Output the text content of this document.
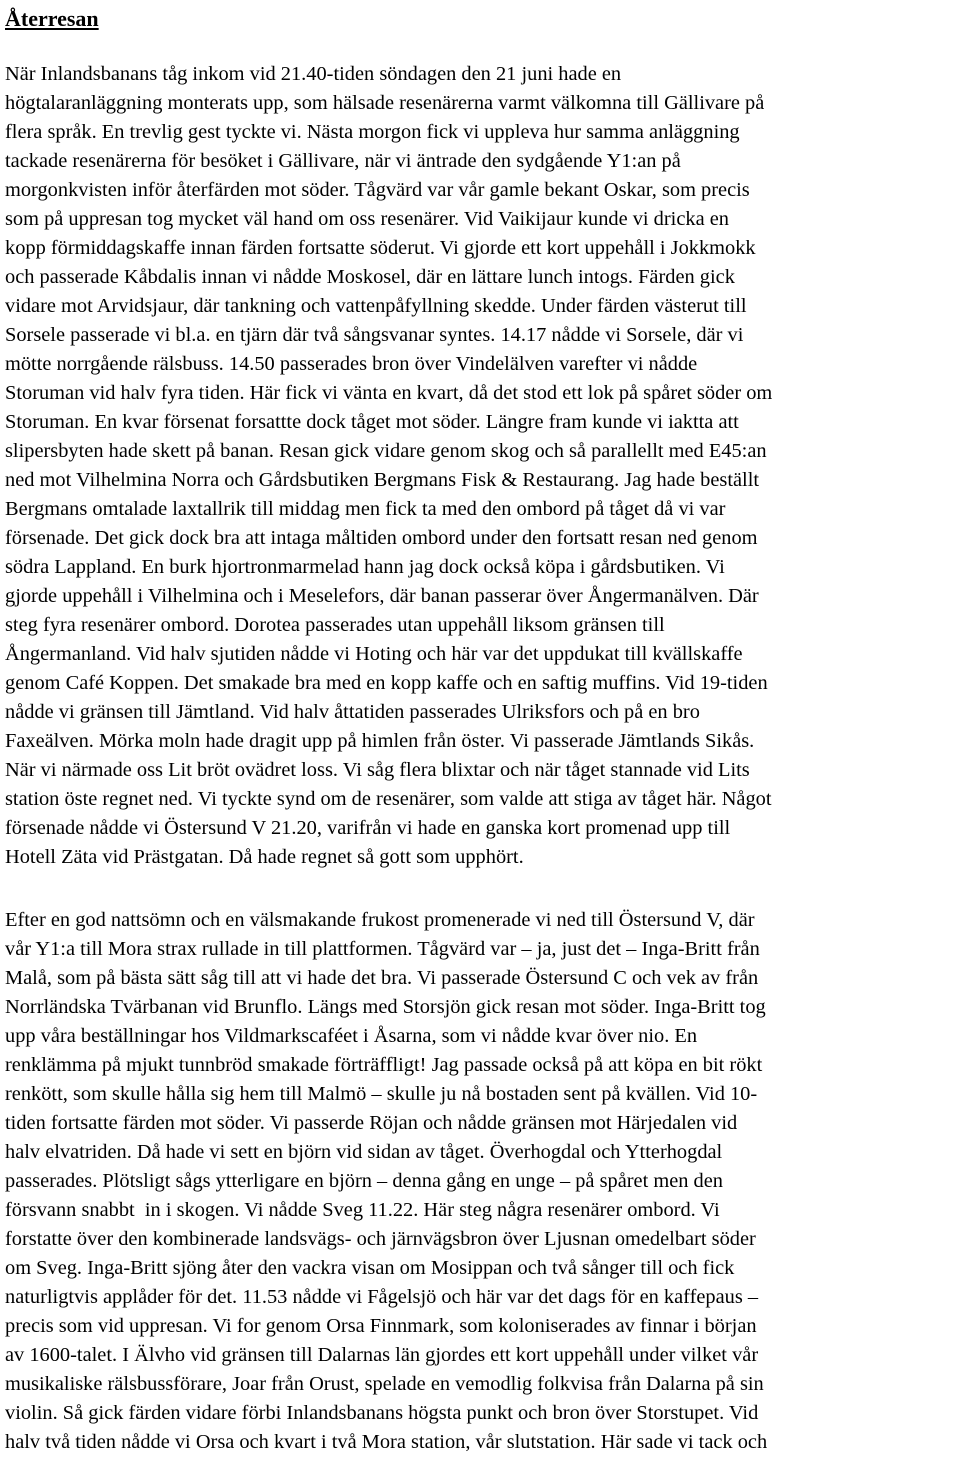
Återresan
När Inlandsbanans tåg inkom vid 21.40-tiden söndagen den 21 juni hade en
högtalaranläggning monterats upp, som hälsade resenärerna varmt välkomna till Gällivare på
flera språk. En trevlig gest tyckte vi. Nästa morgon fick vi uppleva hur samma anläggning
tackade resenärerna för besöket i Gällivare, när vi äntrade den sydgående Y1:an på
morgonkvisten inför återfärden mot söder. Tågvärd var vår gamle bekant Oskar, som precis
som på uppresan tog mycket väl hand om oss resenärer. Vid Vaikijaur kunde vi dricka en
kopp förmiddagskaffe innan färden fortsatte söderut. Vi gjorde ett kort uppehåll i Jokkmokk
och passerade Kåbdalis innan vi nådde Moskosel, där en lättare lunch intogs. Färden gick
vidare mot Arvidsjaur, där tankning och vattenpåfyllning skedde. Under färden västerut till
Sorsele passerade vi bl.a. en tjärn där två sångsvanar syntes. 14.17 nådde vi Sorsele, där vi
mötte norrgående rälsbuss. 14.50 passerades bron över Vindelälven varefter vi nådde
Storuman vid halv fyra tiden. Här fick vi vänta en kvart, då det stod ett lok på spåret söder om
Storuman. En kvar försenat forsattte dock tåget mot söder. Längre fram kunde vi iaktta att
slipersbyten hade skett på banan. Resan gick vidare genom skog och så parallellt med E45:an
ned mot Vilhelmina Norra och Gårdsbutiken Bergmans Fisk & Restaurang. Jag hade beställt
Bergmans omtalade laxtallrik till middag men fick ta med den ombord på tåget då vi var
försenade. Det gick dock bra att intaga måltiden ombord under den fortsatt resan ned genom
södra Lappland. En burk hjortronmarmelad hann jag dock också köpa i gårdsbutiken. Vi
gjorde uppehåll i Vilhelmina och i Meselefors, där banan passerar över Ångermanälven. Där
steg fyra resenärer ombord. Dorotea passerades utan uppehåll liksom gränsen till
Ångermanland. Vid halv sjutiden nådde vi Hoting och här var det uppdukat till kvällskaffe
genom Café Koppen. Det smakade bra med en kopp kaffe och en saftig muffins. Vid 19-tiden
nådde vi gränsen till Jämtland. Vid halv åttatiden passerades Ulriksfors och på en bro
Faxeälven. Mörka moln hade dragit upp på himlen från öster. Vi passerade Jämtlands Sikås.
När vi närmade oss Lit bröt ovädret loss. Vi såg flera blixtar och när tåget stannade vid Lits
station öste regnet ned. Vi tyckte synd om de resenärer, som valde att stiga av tåget här. Något
försenade nådde vi Östersund V 21.20, varifrån vi hade en ganska kort promenad upp till
Hotell Zäta vid Prästgatan. Då hade regnet så gott som upphört.
Efter en god nattsömn och en välsmakande frukost promenerade vi ned till Östersund V, där
vår Y1:a till Mora strax rullade in till plattformen. Tågvärd var – ja, just det – Inga-Britt från
Malå, som på bästa sätt såg till att vi hade det bra. Vi passerade Östersund C och vek av från
Norrländska Tvärbanan vid Brunflo. Längs med Storsjön gick resan mot söder. Inga-Britt tog
upp våra beställningar hos Vildmarkscaféet i Åsarna, som vi nådde kvar över nio. En
renklämma på mjukt tunnbröd smakade förträffligt! Jag passade också på att köpa en bit rökt
renkött, som skulle hålla sig hem till Malmö – skulle ju nå bostaden sent på kvällen. Vid 10-
tiden fortsatte färden mot söder. Vi passerde Röjan och nådde gränsen mot Härjedalen vid
halv elvatriden. Då hade vi sett en björn vid sidan av tåget. Överhogdal och Ytterhogdal
passerades. Plötsligt sågs ytterligare en björn – denna gång en unge – på spåret men den
försvann snabbt  in i skogen. Vi nådde Sveg 11.22. Här steg några resenärer ombord. Vi
forstatte över den kombinerade landsvägs- och järnvägsbron över Ljusnan omedelbart söder
om Sveg. Inga-Britt sjöng åter den vackra visan om Mosippan och två sånger till och fick
naturligtvis applåder för det. 11.53 nådde vi Fågelsjö och här var det dags för en kaffepaus –
precis som vid uppresan. Vi for genom Orsa Finnmark, som koloniserades av finnar i början
av 1600-talet. I Älvho vid gränsen till Dalarnas län gjordes ett kort uppehåll under vilket vår
musikaliske rälsbussförare, Joar från Orust, spelade en vemodlig folkvisa från Dalarna på sin
violin. Så gick färden vidare förbi Inlandsbanans högsta punkt och bron över Storstupet. Vid
halv två tiden nådde vi Orsa och kvart i två Mora station, vår slutstation. Här sade vi tack och
